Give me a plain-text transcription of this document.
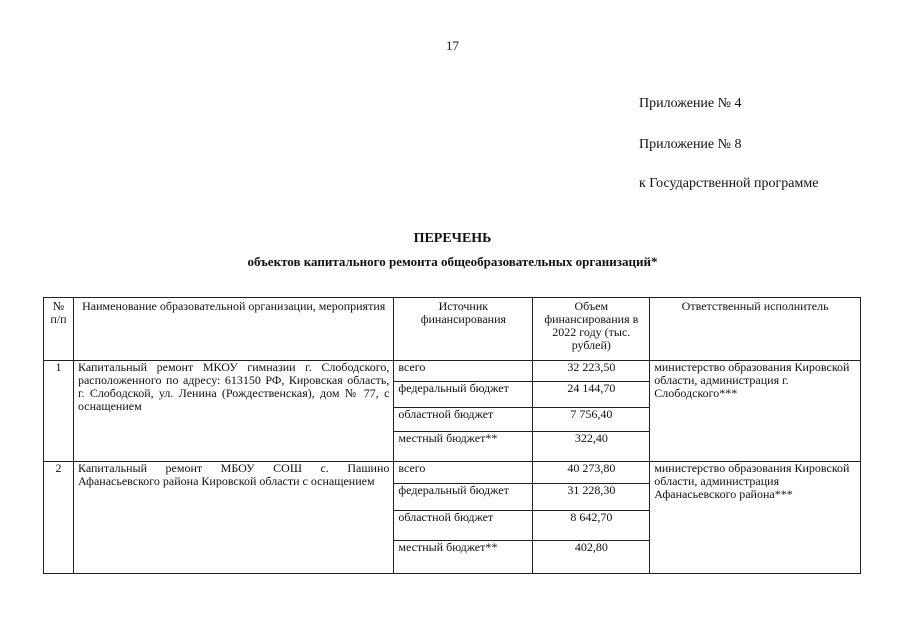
17
Приложение № 4
Приложение № 8
к Государственной программе
ПЕРЕЧЕНЬ
объектов капитального ремонта общеобразовательных организаций*
№ п/п	Наименование образовательной организации, мероприятия	Источник финансирования	Объем финансирования в 2022 году (тыс. рублей)	Ответственный исполнитель
1	Капитальный ремонт МКОУ гимназии г. Слободского, расположенного по адресу: 613150 РФ, Кировская область, г. Слободской, ул. Ленина (Рождественская), дом № 77, с оснащением	всего	32 223,50	министерство образования Кировской области, администрация г. Слободского***
		федеральный бюджет	24 144,70	
		областной бюджет	7 756,40	
		местный бюджет**	322,40	
2	Капитальный ремонт МБОУ СОШ с. Пашино Афанасьевского района Кировской области с оснащением	всего	40 273,80	министерство образования Кировской области, администрация Афанасьевского района***
		федеральный бюджет	31 228,30	
		областной бюджет	8 642,70	
		местный бюджет**	402,80	
